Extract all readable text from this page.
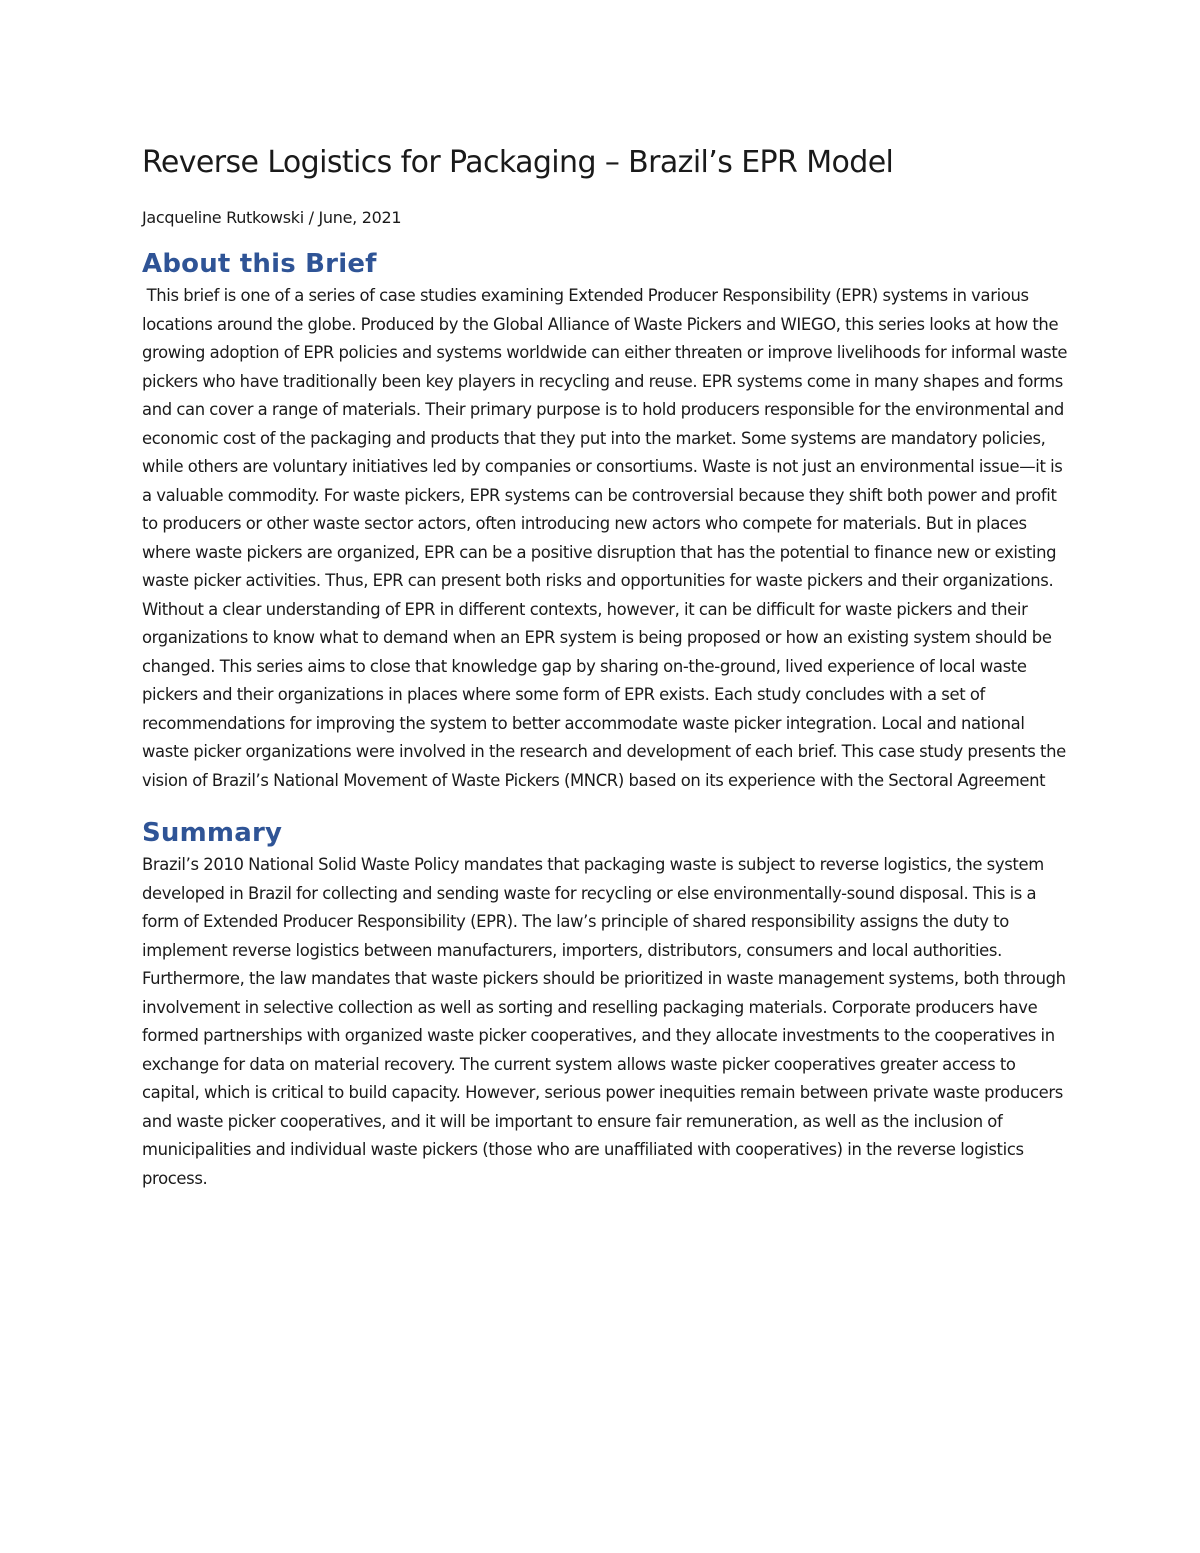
Reverse Logistics for Packaging – Brazil’s EPR Model

Jacqueline Rutkowski / June, 2021

About this Brief

This brief is one of a series of case studies examining Extended Producer Responsibility (EPR) systems in various locations around the globe. Produced by the Global Alliance of Waste Pickers and WIEGO, this series looks at how the growing adoption of EPR policies and systems worldwide can either threaten or improve livelihoods for informal waste pickers who have traditionally been key players in recycling and reuse. EPR systems come in many shapes and forms and can cover a range of materials. Their primary purpose is to hold producers responsible for the environmental and economic cost of the packaging and products that they put into the market. Some systems are mandatory policies, while others are voluntary initiatives led by companies or consortiums. Waste is not just an environmental issue—it is a valuable commodity. For waste pickers, EPR systems can be controversial because they shift both power and profit to producers or other waste sector actors, often introducing new actors who compete for materials. But in places where waste pickers are organized, EPR can be a positive disruption that has the potential to finance new or existing waste picker activities. Thus, EPR can present both risks and opportunities for waste pickers and their organizations. Without a clear understanding of EPR in different contexts, however, it can be difficult for waste pickers and their organizations to know what to demand when an EPR system is being proposed or how an existing system should be changed. This series aims to close that knowledge gap by sharing on-the-ground, lived experience of local waste pickers and their organizations in places where some form of EPR exists. Each study concludes with a set of recommendations for improving the system to better accommodate waste picker integration. Local and national waste picker organizations were involved in the research and development of each brief. This case study presents the vision of Brazil’s National Movement of Waste Pickers (MNCR) based on its experience with the Sectoral Agreement

Summary

Brazil’s 2010 National Solid Waste Policy mandates that packaging waste is subject to reverse logistics, the system developed in Brazil for collecting and sending waste for recycling or else environmentally-sound disposal. This is a form of Extended Producer Responsibility (EPR). The law’s principle of shared responsibility assigns the duty to implement reverse logistics between manufacturers, importers, distributors, consumers and local authorities. Furthermore, the law mandates that waste pickers should be prioritized in waste management systems, both through involvement in selective collection as well as sorting and reselling packaging materials. Corporate producers have formed partnerships with organized waste picker cooperatives, and they allocate investments to the cooperatives in exchange for data on material recovery. The current system allows waste picker cooperatives greater access to capital, which is critical to build capacity. However, serious power inequities remain between private waste producers and waste picker cooperatives, and it will be important to ensure fair remuneration, as well as the inclusion of municipalities and individual waste pickers (those who are unaffiliated with cooperatives) in the reverse logistics process.
